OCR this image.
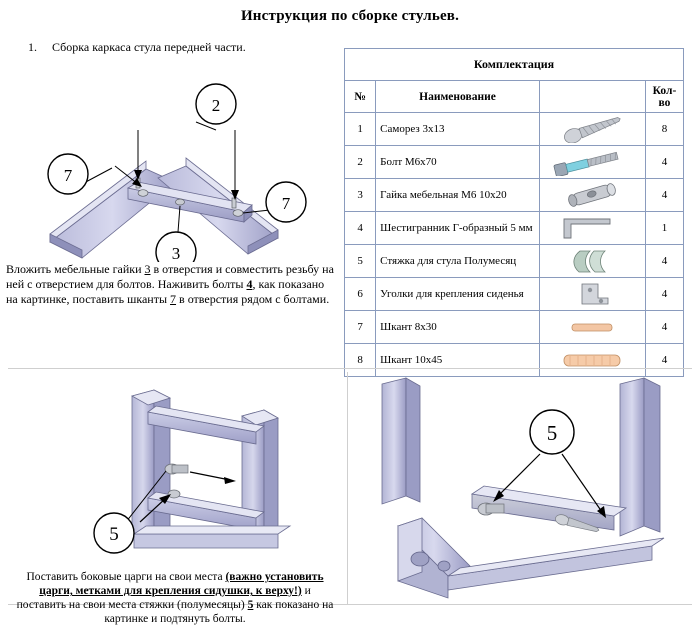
Инструкция по сборке стульев.
1. Сборка каркаса стула передней части.
2
7
7
3
Вложить мебельные гайки 3 в отверстия и совместить резьбу на
ней с отверстием для болтов. Наживить болты 4, как показано
на картинке, поставить шканты 7 в отверстия рядом с болтами.
Комплектация			
№	Наименование		Кол-во
1	Саморез 3х13		8
2	Болт М6х70		4
3	Гайка мебельная М6 10х20		4
4	Шестигранник Г-образный 5 мм		1
5	Стяжка для стула Полумесяц		4
6	Уголки для крепления сиденья		4
7	Шкант 8х30		4
8	Шкант 10х45		4
5
5
Поставить боковые царги на свои места (важно установить
царги, метками для крепления сидушки, к верху!) и
поставить на свои места стяжки (полумесяцы) 5 как показано на
картинке и подтянуть болты.
